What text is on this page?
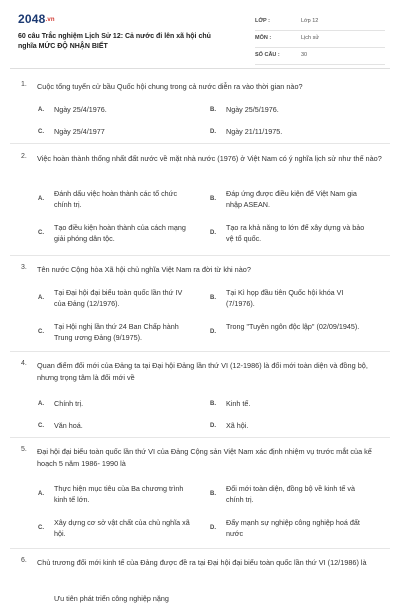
2048.vn
60 câu Trắc nghiệm Lịch Sử 12: Cả nước đi lên xã hội chủ nghĩa MỨC ĐỘ NHẬN BIẾT
LỚP :	Lớp 12
MÔN :	Lịch sử
SỐ CÂU :	30
1. Cuộc tổng tuyển cử bầu Quốc hội chung trong cả nước diễn ra vào thời gian nào?
A. Ngày 25/4/1976.	B. Ngày 25/5/1976.
C. Ngày 25/4/1977	D. Ngày 21/11/1975.
2. Việc hoàn thành thống nhất đất nước về mặt nhà nước (1976) ở Việt Nam có ý nghĩa lịch sử như thế nào?
A.
Đánh dấu việc hoàn thành các tổ chức chính trị.
B.
Đáp ứng được điều kiện để Việt Nam gia nhập ASEAN.
C.
Tạo điều kiện hoàn thành của cách mạng giải phóng dân tộc.
D.
Tạo ra khả năng to lớn để xây dựng và bảo vệ tổ quốc.
3. Tên nước Cộng hòa Xã hội chủ nghĩa Việt Nam ra đời từ khi nào?
A.
Tại Đại hội đại biểu toàn quốc lần thứ IV của Đảng (12/1976).
B.
Tại Kì họp đầu tiên Quốc hội khóa VI (7/1976).
C.
Tại Hội nghị lần thứ 24 Ban Chấp hành Trung ương Đảng (9/1975).
D.
Trong "Tuyên ngôn độc lập" (02/09/1945).
4. Quan điểm đổi mới của Đảng ta tại Đại hội Đảng lần thứ VI (12-1986) là đổi mới toàn diện và đồng bộ, nhưng trọng tâm là đổi mới về
A. Chính trị.	B. Kinh tế.
C. Văn hoá.	D. Xã hội.
5. Đại hội đại biểu toàn quốc lần thứ VI của Đảng Cộng sản Việt Nam xác định nhiệm vụ trước mắt của kế hoạch 5 năm 1986- 1990 là
A.
Thực hiện mục tiêu của Ba chương trình kinh tế lớn.
B.
Đổi mới toàn diện, đồng bộ về kinh tế và chính trị.
C.
Xây dựng cơ sở vật chất của chủ nghĩa xã hội.
D.
Đẩy mạnh sự nghiệp công nghiệp hoá đất nước
6. Chủ trương đổi mới kinh tế của Đảng được đề ra tại Đại hội đại biểu toàn quốc lần thứ VI (12/1986) là
Ưu tiên phát triển công nghiệp nặng
